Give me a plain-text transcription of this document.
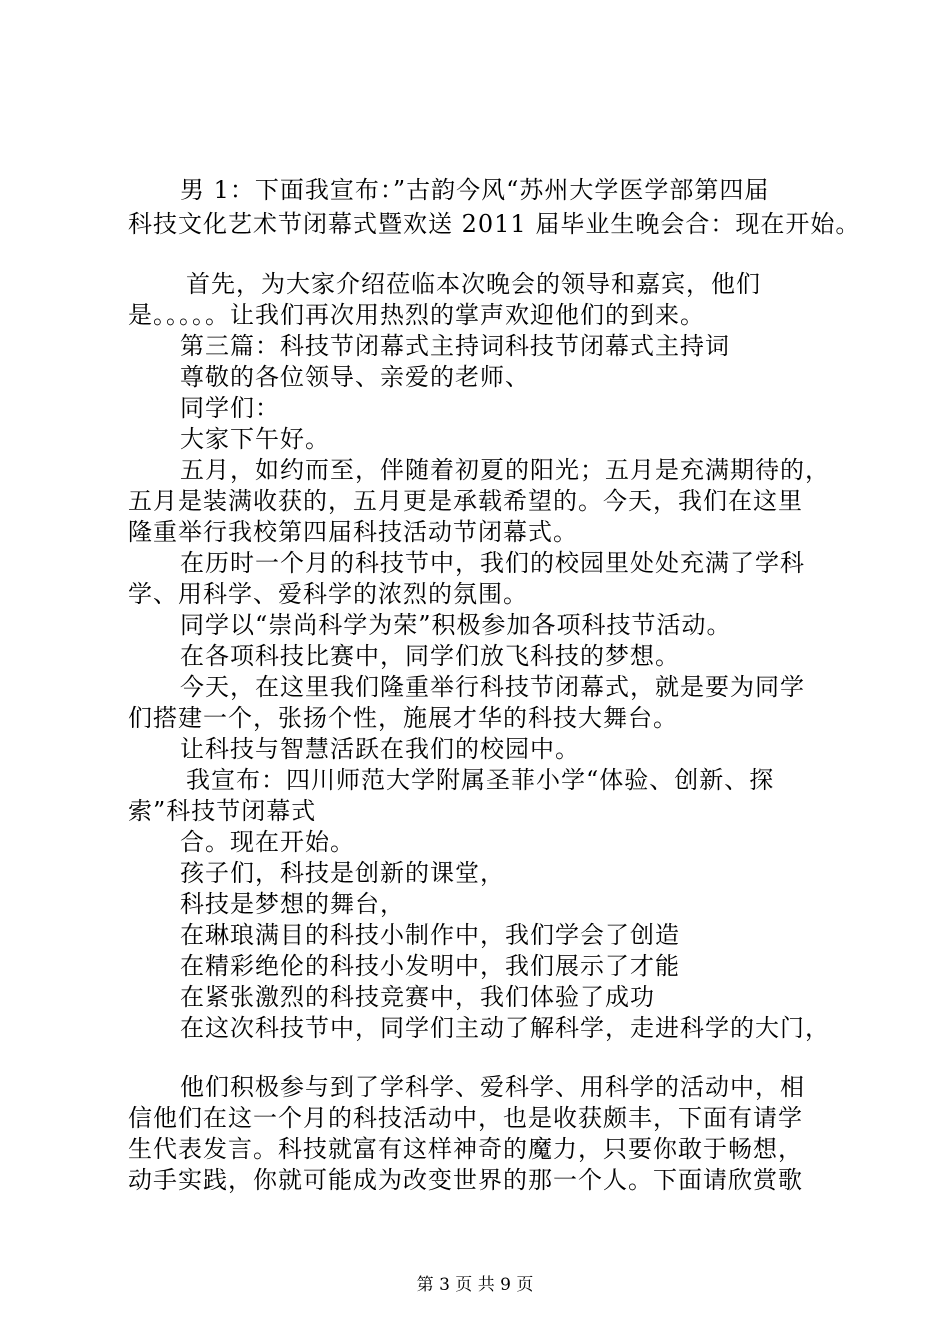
男 1：下面我宣布：”古韵今风“苏州大学医学部第四届
科技文化艺术节闭幕式暨欢送 2011 届毕业生晚会合：现在开始。
首先，为大家介绍莅临本次晚会的领导和嘉宾，他们
是。。。。。让我们再次用热烈的掌声欢迎他们的到来。
第三篇：科技节闭幕式主持词科技节闭幕式主持词
尊敬的各位领导、亲爱的老师、
同学们：
大家下午好。
五月，如约而至，伴随着初夏的阳光；五月是充满期待的，
五月是装满收获的，五月更是承载希望的。今天，我们在这里
隆重举行我校第四届科技活动节闭幕式。
在历时一个月的科技节中，我们的校园里处处充满了学科
学、用科学、爱科学的浓烈的氛围。
同学以“崇尚科学为荣”积极参加各项科技节活动。
在各项科技比赛中，同学们放飞科技的梦想。
今天，在这里我们隆重举行科技节闭幕式，就是要为同学
们搭建一个，张扬个性，施展才华的科技大舞台。
让科技与智慧活跃在我们的校园中。
我宣布：四川师范大学附属圣菲小学“体验、创新、探
索”科技节闭幕式
合。现在开始。
孩子们，科技是创新的课堂，
科技是梦想的舞台，
在琳琅满目的科技小制作中，我们学会了创造
在精彩绝伦的科技小发明中，我们展示了才能
在紧张激烈的科技竞赛中，我们体验了成功
在这次科技节中，同学们主动了解科学，走进科学的大门，
他们积极参与到了学科学、爱科学、用科学的活动中，相
信他们在这一个月的科技活动中，也是收获颇丰，下面有请学
生代表发言。科技就富有这样神奇的魔力，只要你敢于畅想，
动手实践，你就可能成为改变世界的那一个人。下面请欣赏歌
第 3 页 共 9 页
